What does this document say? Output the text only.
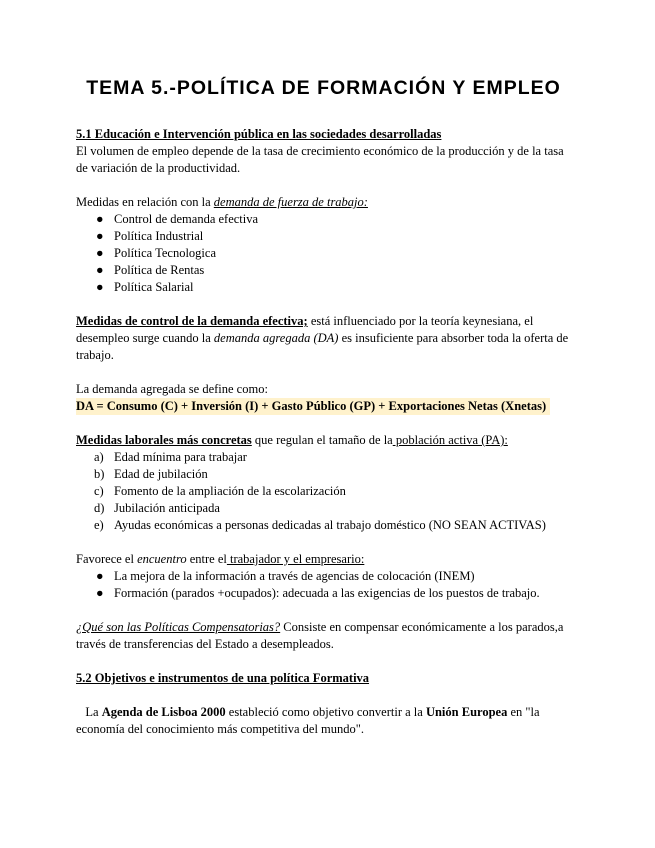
TEMA 5.-POLÍTICA DE FORMACIÓN Y EMPLEO

5.1 Educación e Intervención pública en las sociedades desarrolladas

El volumen de empleo depende de la tasa de crecimiento económico de la producción y de la tasa de variación de la productividad.

Medidas en relación con la demanda de fuerza de trabajo:

● Control de demanda efectiva
● Política Industrial
● Política Tecnologica
● Política de Rentas
● Política Salarial

Medidas de control de la demanda efectiva; está influenciado por la teoría keynesiana, el desempleo surge cuando la demanda agregada (DA) es insuficiente para absorber toda la oferta de trabajo.

La demanda agregada se define como:

DA = Consumo (C) + Inversión (I) + Gasto Público (GP) + Exportaciones Netas (Xnetas)

Medidas laborales más concretas que regulan el tamaño de la población activa (PA):

a) Edad mínima para trabajar
b) Edad de jubilación
c) Fomento de la ampliación de la escolarización
d) Jubilación anticipada
e) Ayudas económicas a personas dedicadas al trabajo doméstico (NO SEAN ACTIVAS)

Favorece el encuentro entre el trabajador y el empresario:

● La mejora de la información a través de agencias de colocación (INEM)
● Formación (parados +ocupados): adecuada a las exigencias de los puestos de trabajo.

¿Qué son las Políticas Compensatorias? Consiste en compensar económicamente a los parados,a través de transferencias del Estado a desempleados.

5.2 Objetivos e instrumentos de una política Formativa

La Agenda de Lisboa 2000 estableció como objetivo convertir a la Unión Europea en "la economía del conocimiento más competitiva del mundo".
